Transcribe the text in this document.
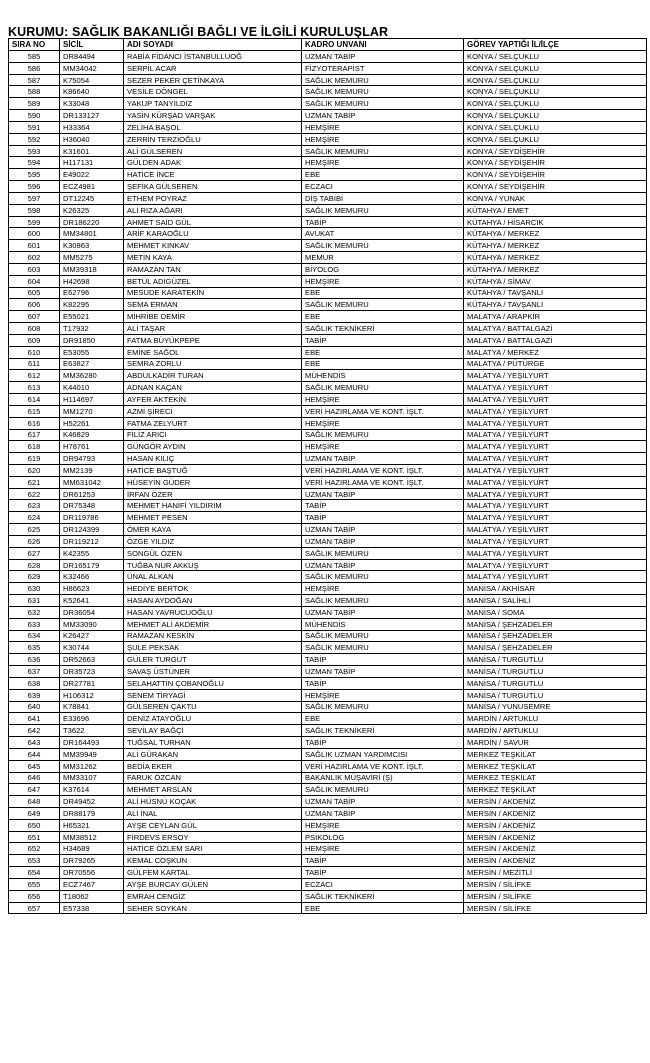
KURUMU: SAĞLIK BAKANLIĞI BAĞLI VE İLGİLİ KURULUŞLAR
SIRA NO	SİCİL	ADI SOYADI	KADRO UNVANI	GÖREV YAPTIĞI İL/İLÇE
585	DR84494	RABİA FİDANCI İSTANBULLUOĞ	UZMAN TABİP	KONYA / SELÇUKLU
586	MM34042	SERPİL ACAR	FİZYOTERAPİST	KONYA / SELÇUKLU
587	K75054	SEZER PEKER ÇETİNKAYA	SAĞLIK MEMURU	KONYA / SELÇUKLU
588	K86640	VESİLE DÖNGEL	SAĞLIK MEMURU	KONYA / SELÇUKLU
589	K33048	YAKUP TANYILDIZ	SAĞLIK MEMURU	KONYA / SELÇUKLU
590	DR133127	YASİN KÜRŞAD VARŞAK	UZMAN TABİP	KONYA / SELÇUKLU
591	H33364	ZELİHA BAŞOL	HEMŞİRE	KONYA / SELÇUKLU
592	H36040	ZERRİN TERZİOĞLU	HEMŞİRE	KONYA / SELÇUKLU
593	K31601	ALİ GÜLSEREN	SAĞLIK MEMURU	KONYA / SEYDİŞEHİR
594	H117131	GÜLDEN ADAK	HEMŞİRE	KONYA / SEYDİŞEHİR
595	E49022	HATİCE İNCE	EBE	KONYA / SEYDİŞEHİR
596	ECZ4981	ŞEFİKA GÜLSEREN	ECZACI	KONYA / SEYDİŞEHİR
597	DT12245	ETHEM POYRAZ	DİŞ TABİBİ	KONYA / YUNAK
598	K26325	ALİ RIZA AĞARI	SAĞLIK MEMURU	KÜTAHYA / EMET
599	DR186220	AHMET SAİD GÜL	TABİP	KÜTAHYA / HİSARCIK
600	MM34801	ARİF KARAOĞLU	AVUKAT	KÜTAHYA / MERKEZ
601	K30863	MEHMET KINKAV	SAĞLIK MEMURU	KÜTAHYA / MERKEZ
602	MM5275	METİN KAYA	MEMUR	KÜTAHYA / MERKEZ
603	MM39318	RAMAZAN TAN	BİYOLOG	KÜTAHYA / MERKEZ
604	H42698	BETÜL ADIGÜZEL	HEMŞİRE	KÜTAHYA / SİMAV
605	E62796	MESUDE KARATEKİN	EBE	KÜTAHYA / TAVŞANLI
606	K82295	SEMA ERMAN	SAĞLIK MEMURU	KÜTAHYA / TAVŞANLI
607	E55021	MİHRİBE DEMİR	EBE	MALATYA / ARAPKİR
608	T17932	ALİ TAŞAR	SAĞLIK TEKNİKERİ	MALATYA / BATTALGAZİ
609	DR91850	FATMA BÜYÜKPEPE	TABİP	MALATYA / BATTALGAZİ
610	E53055	EMİNE SAĞOL	EBE	MALATYA / MERKEZ
611	E63827	SEMRA ZORLU	EBE	MALATYA / PÜTÜRGE
612	MM36280	ABDULKADİR TURAN	MÜHENDİS	MALATYA / YEŞİLYURT
613	K44010	ADNAN KAÇAN	SAĞLIK MEMURU	MALATYA / YEŞİLYURT
614	H114697	AYFER AKTEKİN	HEMŞİRE	MALATYA / YEŞİLYURT
615	MM1270	AZMİ ŞİRECİ	VERİ HAZIRLAMA VE KONT. İŞLT.	MALATYA / YEŞİLYURT
616	H52261	FATMA ZELYURT	HEMŞİRE	MALATYA / YEŞİLYURT
617	K46829	FİLİZ ARICI	SAĞLIK MEMURU	MALATYA / YEŞİLYURT
618	H78761	GÜNGÖR AYDIN	HEMŞİRE	MALATYA / YEŞİLYURT
619	DR94793	HASAN KILIÇ	UZMAN TABİP	MALATYA / YEŞİLYURT
620	MM2139	HATİCE BAŞTUĞ	VERİ HAZIRLAMA VE KONT. İŞLT.	MALATYA / YEŞİLYURT
621	MM631042	HÜSEYİN GÜDER	VERİ HAZIRLAMA VE KONT. İŞLT.	MALATYA / YEŞİLYURT
622	DR61253	İRFAN ÖZER	UZMAN TABİP	MALATYA / YEŞİLYURT
623	DR75348	MEHMET HANİFİ YILDIRIM	TABİP	MALATYA / YEŞİLYURT
624	DR119786	MEHMET PESEN	TABİP	MALATYA / YEŞİLYURT
625	DR124399	ÖMER KAYA	UZMAN TABİP	MALATYA / YEŞİLYURT
626	DR119212	ÖZGE YILDIZ	UZMAN TABİP	MALATYA / YEŞİLYURT
627	K42355	SONGÜL ÖZEN	SAĞLIK MEMURU	MALATYA / YEŞİLYURT
628	DR165179	TUĞBA NUR AKKUŞ	UZMAN TABİP	MALATYA / YEŞİLYURT
629	K32466	ÜNAL ALKAN	SAĞLIK MEMURU	MALATYA / YEŞİLYURT
630	H86623	HEDİYE BERTOK	HEMŞİRE	MANİSA / AKHİSAR
631	K52641	HASAN AYDOĞAN	SAĞLIK MEMURU	MANİSA / SALİHLİ
632	DR36054	HASAN YAVRUCUOĞLU	UZMAN TABİP	MANİSA / SOMA
633	MM33090	MEHMET ALİ AKDEMİR	MÜHENDİS	MANİSA / ŞEHZADELER
634	K26427	RAMAZAN KESKİN	SAĞLIK MEMURU	MANİSA / ŞEHZADELER
635	K30744	ŞULE PEKSAK	SAĞLIK MEMURU	MANİSA / ŞEHZADELER
636	DR52663	GÜLER TURGUT	TABİP	MANİSA / TURGUTLU
637	DR35723	SAVAŞ ÜSTÜNER	UZMAN TABİP	MANİSA / TURGUTLU
638	DR27781	SELAHATTİN ÇOBANOĞLU	TABİP	MANİSA / TURGUTLU
639	H106312	SENEM TİRYAGİ	HEMŞİRE	MANİSA / TURGUTLU
640	K78841	GÜLSEREN ÇAKTU	SAĞLIK MEMURU	MANİSA / YUNUSEMRE
641	E33696	DENİZ ATAYOĞLU	EBE	MARDİN / ARTUKLU
642	T3622	SEVİLAY BAĞÇİ	SAĞLIK TEKNİKERİ	MARDİN / ARTUKLU
643	DR164493	TUĞSAL TURHAN	TABİP	MARDİN / SAVUR
644	MM39949	ALİ GÜRAKAN	SAĞLIK UZMAN YARDIMCISI	MERKEZ TEŞKİLAT
645	MM31262	BEDİA EKER	VERİ HAZIRLAMA VE KONT. İŞLT.	MERKEZ TEŞKİLAT
646	MM33107	FARUK ÖZCAN	BAKANLIK MÜŞAVİRİ (Ş)	MERKEZ TEŞKİLAT
647	K37614	MEHMET ARSLAN	SAĞLIK MEMURU	MERKEZ TEŞKİLAT
648	DR49452	ALİ HÜSNÜ KOÇAK	UZMAN TABİP	MERSİN / AKDENİZ
649	DR88179	ALİ İNAL	UZMAN TABİP	MERSİN / AKDENİZ
650	H65321	AYŞE CEYLAN GÜL	HEMŞİRE	MERSİN / AKDENİZ
651	MM38512	FİRDEVS ERSOY	PSİKOLOG	MERSİN / AKDENİZ
652	H34689	HATİCE ÖZLEM SARI	HEMŞİRE	MERSİN / AKDENİZ
653	DR79265	KEMAL COŞKUN	TABİP	MERSİN / AKDENİZ
654	DR70556	GÜLFEM KARTAL	TABİP	MERSİN / MEZİTLİ
655	ECZ7467	AYŞE BURCAY GÜLEN	ECZACI	MERSİN / SİLİFKE
656	T18062	EMRAH CENGİZ	SAĞLIK TEKNİKERİ	MERSİN / SİLİFKE
657	E57338	SEHER SOYKAN	EBE	MERSİN / SİLİFKE
